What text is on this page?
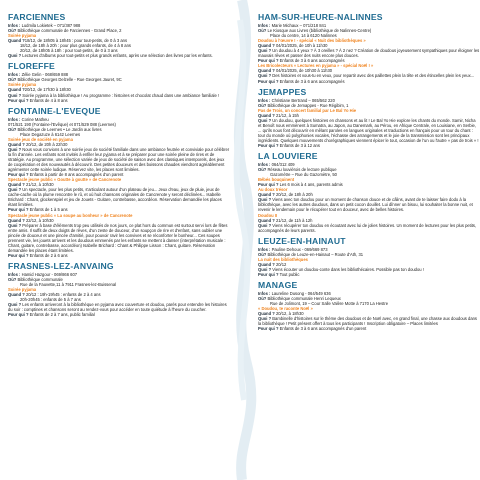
FARCIENNES
Infos : Ludmila Lokietek – 071/387 988
Où? Bibliothèque communale de Farciennes - Grand Place, 2
Soirée pyjama
Quand ?18/12, de 18h05 à 18h45 : pour tout-petits, de 0 à 3 ans
18/12, de 18h à 20h : pour plus grands enfants, de 4 à 8 ans
20/12, de 18h05 à 18h : pour tout-petits, de 0 à 3 ans
Quoi ? Lectures d'albums pour tout-petits et plus grands enfants, après une sélection des livres par les enfants.
FLOREFFE
Infos : Zélie Gelin - 068/659 888
Où? Bibliothèque Georges Delzelle - Rue Georges Jauret, 9C
Soirée pyjama
Quand ?20/12, de 17h30 à 18h30
Quoi ? Soirée pyjama à la bibliothèque ! Au programme : histoires et chocolat chaud dans une ambiance familiale !
Pour qui ? Enfants de 4 à 8 ans
FONTAINE-L'EVEQUE
Infos : Corine Matheu
071/521 190 (Fontaine-l'Evêque) et 071/529 088 (Leernes)
Où? Bibliothèque de Leernes • Le Jardin aux livres
Place Degazuze à 6142 Leernes
Soirée jeux de société en pyjama
Quand ? 20/12, de 20h à 22h30
Quoi ? Nous vous convions à une soirée jeux de société familiale dans une ambiance feutrée et conviviale pour célébrer la fin d'année. Les enfants sont invités à enfiler leur pyjama et à se préparer pour une soirée pleine de rires et de stratégie. Au programme, une sélection variée de jeux de société de saison avec des classiques intemporels, des jeux de coopération et des nouveautés à découvrir. Des petites douceurs et des boissons chaudes viendront agréablement agrémenter cette soirée ludique. Réservez vite, les places sont limitées.
Pour qui ? Enfants à partir de 8 ans accompagnés d'un parent
Spectacle jeune public « Goutte à goutte » de Cancrenote
Quand ? 21/12, à 10h30
Quoi ? Un spectacle, pour les plus petits, s'articulant autour d'un plateau de jeu... Jeux d'eau, jeux de pluie, jeux de cache-cache où la plume rencontre le rû, et où huit chansons originales de Cancrenote y seront déclinées... Isabelle Brichard : Chant, glockenspiel et jeu de Jouets - Guitare, contrebasse, accordéon. Réservation demandée les places étant limitées.
Pour qui ? Enfants de 1 à 5 ans
Spectacle jeune public « La soupe au bonheur » de Cancrenote
Quand ? 22/12, à 10h30
Quoi ? Préparer à base d'éléments trop peu utilisés de nos jours, ce plat hors du commun est surtout servi lors de fêtes entre amis. Il suffit de deux doigts de rêves, d'un zeste de douceur, d'un soupçon de rire et d'enfant, sans oublier une pincée de douceur et une pincée d'amitié, pour pouvoir ravir les convives et se réconforter le bonheur... Ces soupes prennent vie, les jouets arrivent et les doudous emmenés par les enfants se mettent à danser (interprétation musicale : Chant, guitare, contrebasse, accordéon) Isabelle Brichard : Chant & Philippe Lisson : Chant, guitare. Réservation demandée les places étant limitées.
Pour qui ? Enfants de 2 à 6 ans
FRASNES-LEZ-ANVAING
Infos : Hamid Hazgour - 069/866 607
Où? Bibliothèque communale
Rue de la Fauvette,11 à 7911 Frasnes-lez-Buissenal
Soirée pyjama
Quand ? 20/12 : 19h-19h45 : enfants de 2 à 4 ans
20h-20h45 : enfants de 5 à 7 ans
Quoi ? Les enfants arriveront à la bibliothèque en pyjama avec couverture et doudou, parés pour entendre les histoires du soir : comptines et chansons seront au rendez-vous pour accéder en toute quiétude à l'heure du coucher.
Pour qui ? Enfants de 2 à 7 ans, public familial
HAM-SUR-HEURE-NALINNES
Infos : Marie Michaux – 071/218 841
Où? Le Kiosque aux Livres (bibliothèque de Nalinnes-Centre)
Place du centre, 14 à 6120 Nalinnes
Doudou à l'œuvre ! - spécial « Nuit des bibliothèques »
Quand ? 04/01/2025, de 10h à 11h30
Quoi ? Un doudou à 4 yeux ? À 3 oreilles ? À 2 nez ? Création de doudous joyeusement sympathiques pour éloigner les mauvais rêves et passer des nuits encore plus douces.
Pour qui ? Enfants de 3 à 6 ans accompagnés
Les Bricolecteurs « Lectures en pyjama » - spécial Noël ! »
Quand ? 04/01/2025, de 10h30 à 11h30
Quoi ? Des histoires et vous-tu en veux, pour repartir avec des paillettes plein la tête et des étincelles plein les yeux...
Pour qui ? Enfants de 3 à 6 ans accompagnés
JEMAPPES
Infos : Christiane Bertrand – 065/562 220
Où? Bibliothèque de Jemappes - Rue Régibim, 1
Pas de Trois, un concert familial par Le Bal Yo Hie
Quand ? 21/12, à 15h
Quoi ? Un doudou, quelques histoires en chansons et au lit ! Le Bal Yo Hie explore les chants du monde. Samir, Nicha et Benoît nous emmènent à Sumatra, au Japon, au Danemark, au Pérou, en Afrique Centrale, en Louisiane, en Serbie, ... qu'ils nous font découvrir en mêlant paroles en langues originales et traductions en français pour un tour du chant : tour du monde où polyphonies vocales, l'échasse des arrangements et le joie de la transmission sont les principaux ingrédients. Quelques mouvements chorégraphiques viennent épicer le tout, occasion de l'un ou l'autre « pas de trois » !
Pour qui ? Enfants de 3 à 12 ans
LA LOUVIERE
Infos : 064/312 409
Où? Réseau louviérois de lecture publique
Gazomètre – Rue du Gazomètre, 50
Bébés bouquinent
Pour qui ? Les 6 mois à 4 ans, parents admis
Au doux trésor
Quand ? 20/12, de 18h à 20h
Quoi ? Viens avec ton doudou pour un moment de chanson douce et de câlins, avant de te laisser faire dodo à la bibliothèque, avec les autres doudous, dans un petit cocon douillet. Lui dînner un bisou, lui souhaiter la bonne nuit, et revenir le lendemain pour le récupérer tout en douceur, avec de belles histoires.
Doudou II
Quand ? 21/12, de 11h à 12h
Quoi ? Viens récupérer ton doudou en écoutant avec lui de jolies histoires. Un moment de lectures pour les plus petits, accompagnés de leurs parents.
LEUZE-EN-HAINAUT
Infos : Pauline Dehoux - 069/669 873
Où? Bibliothèque de Leuze-en-Hainaut – Route d'Ath, 31
La nuit des bibliothèques
Quand ? 20/12
Quoi ? Viens écouter un doudou-conte dans les bibliothécaires. Possible pas ton doudou !
Pour qui ? Tout public
MANAGE
Infos : Laureline Dusong - 064/549 636
Où? Bibliothèque communale Henri Lequeux
Rue de Jolimont, 19 – Cour Salle Valère Motte à 7170 La Hestre
« Doudou, te raconte Noël »
Quand ? 20/12, à 18h30
Quoi ? Bambinelle d'histoires sur le thème des doudous et de Noël avec, en grand final, une chasse aux doudous dans la bibliothèque ! Petit présent offert à tous les participants ! Inscription obligatoire – Places limitées
Pour qui ? Enfants de 3 à 6 ans accompagnés d'un parent
